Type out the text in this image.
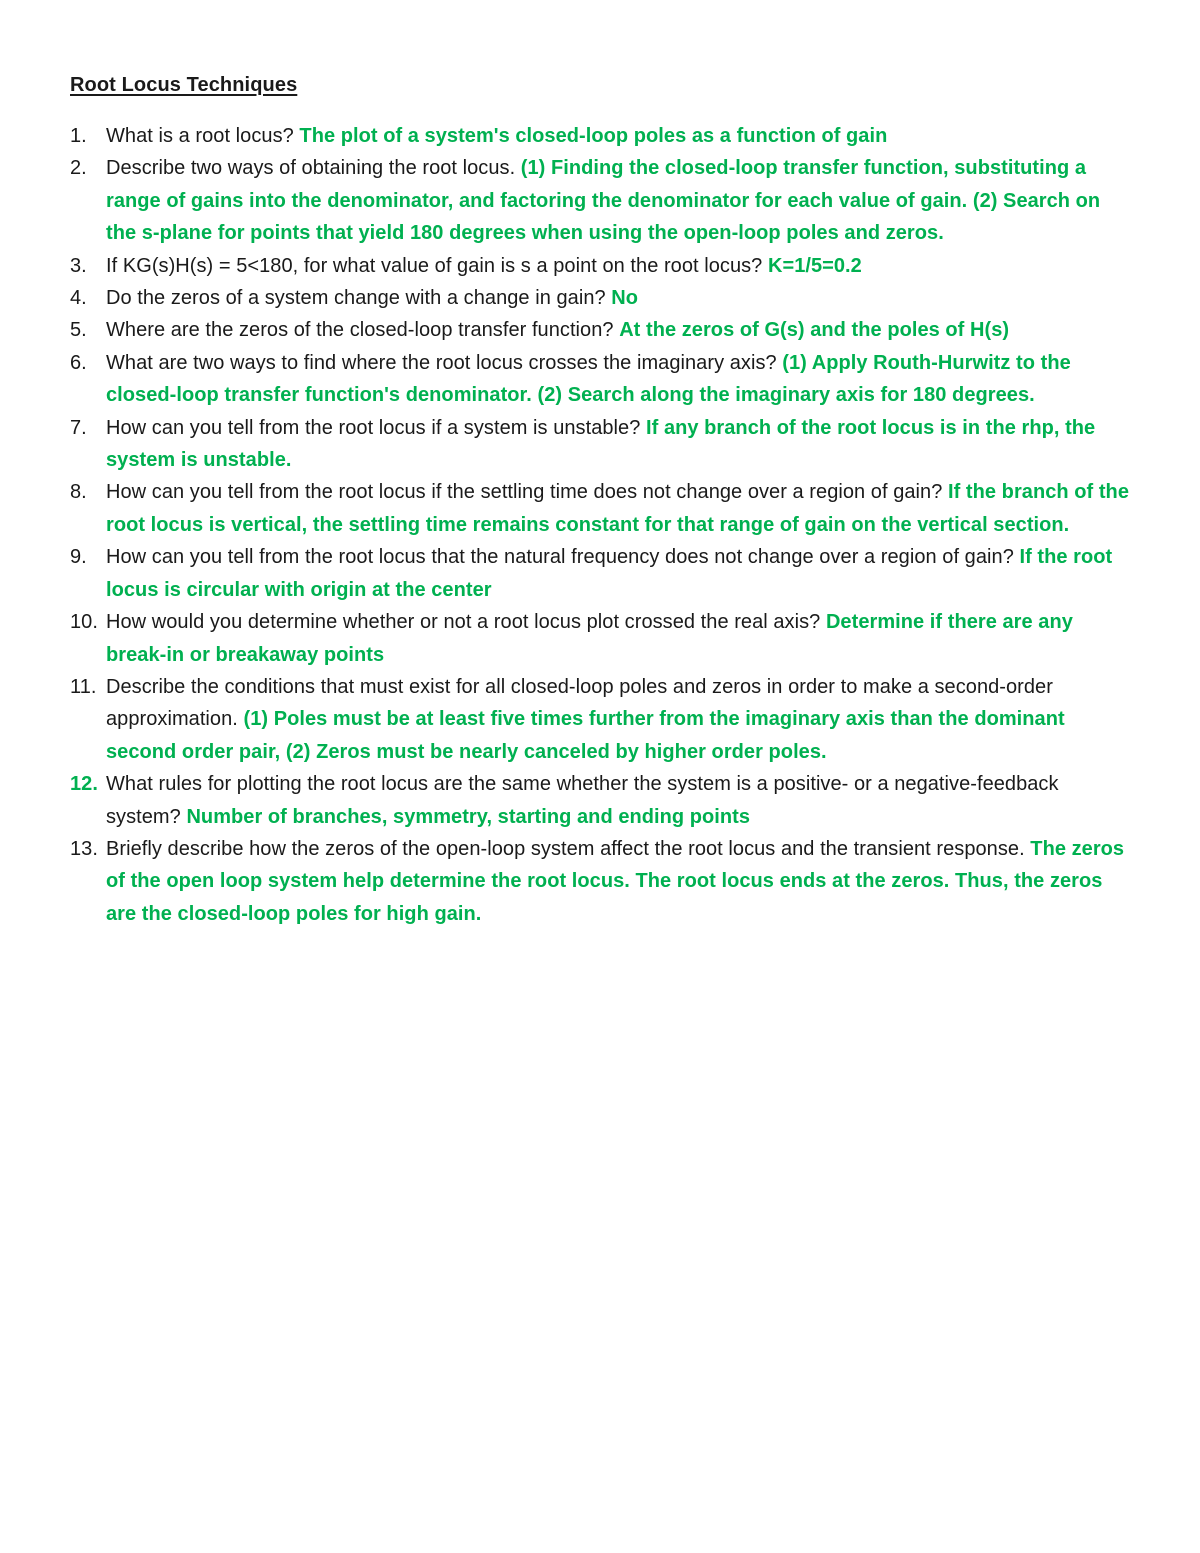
Root Locus Techniques
1. What is a root locus? The plot of a system's closed-loop poles as a function of gain
2. Describe two ways of obtaining the root locus. (1) Finding the closed-loop transfer function, substituting a range of gains into the denominator, and factoring the denominator for each value of gain. (2) Search on the s-plane for points that yield 180 degrees when using the open-loop poles and zeros.
3. If KG(s)H(s) = 5<180, for what value of gain is s a point on the root locus? K=1/5=0.2
4. Do the zeros of a system change with a change in gain? No
5. Where are the zeros of the closed-loop transfer function? At the zeros of G(s) and the poles of H(s)
6. What are two ways to find where the root locus crosses the imaginary axis? (1) Apply Routh-Hurwitz to the closed-loop transfer function's denominator. (2) Search along the imaginary axis for 180 degrees.
7. How can you tell from the root locus if a system is unstable? If any branch of the root locus is in the rhp, the system is unstable.
8. How can you tell from the root locus if the settling time does not change over a region of gain? If the branch of the root locus is vertical, the settling time remains constant for that range of gain on the vertical section.
9. How can you tell from the root locus that the natural frequency does not change over a region of gain? If the root locus is circular with origin at the center
10. How would you determine whether or not a root locus plot crossed the real axis? Determine if there are any break-in or breakaway points
11. Describe the conditions that must exist for all closed-loop poles and zeros in order to make a second-order approximation. (1) Poles must be at least five times further from the imaginary axis than the dominant second order pair, (2) Zeros must be nearly canceled by higher order poles.
12. What rules for plotting the root locus are the same whether the system is a positive- or a negative-feedback system? Number of branches, symmetry, starting and ending points
13. Briefly describe how the zeros of the open-loop system affect the root locus and the transient response. The zeros of the open loop system help determine the root locus. The root locus ends at the zeros. Thus, the zeros are the closed-loop poles for high gain.
